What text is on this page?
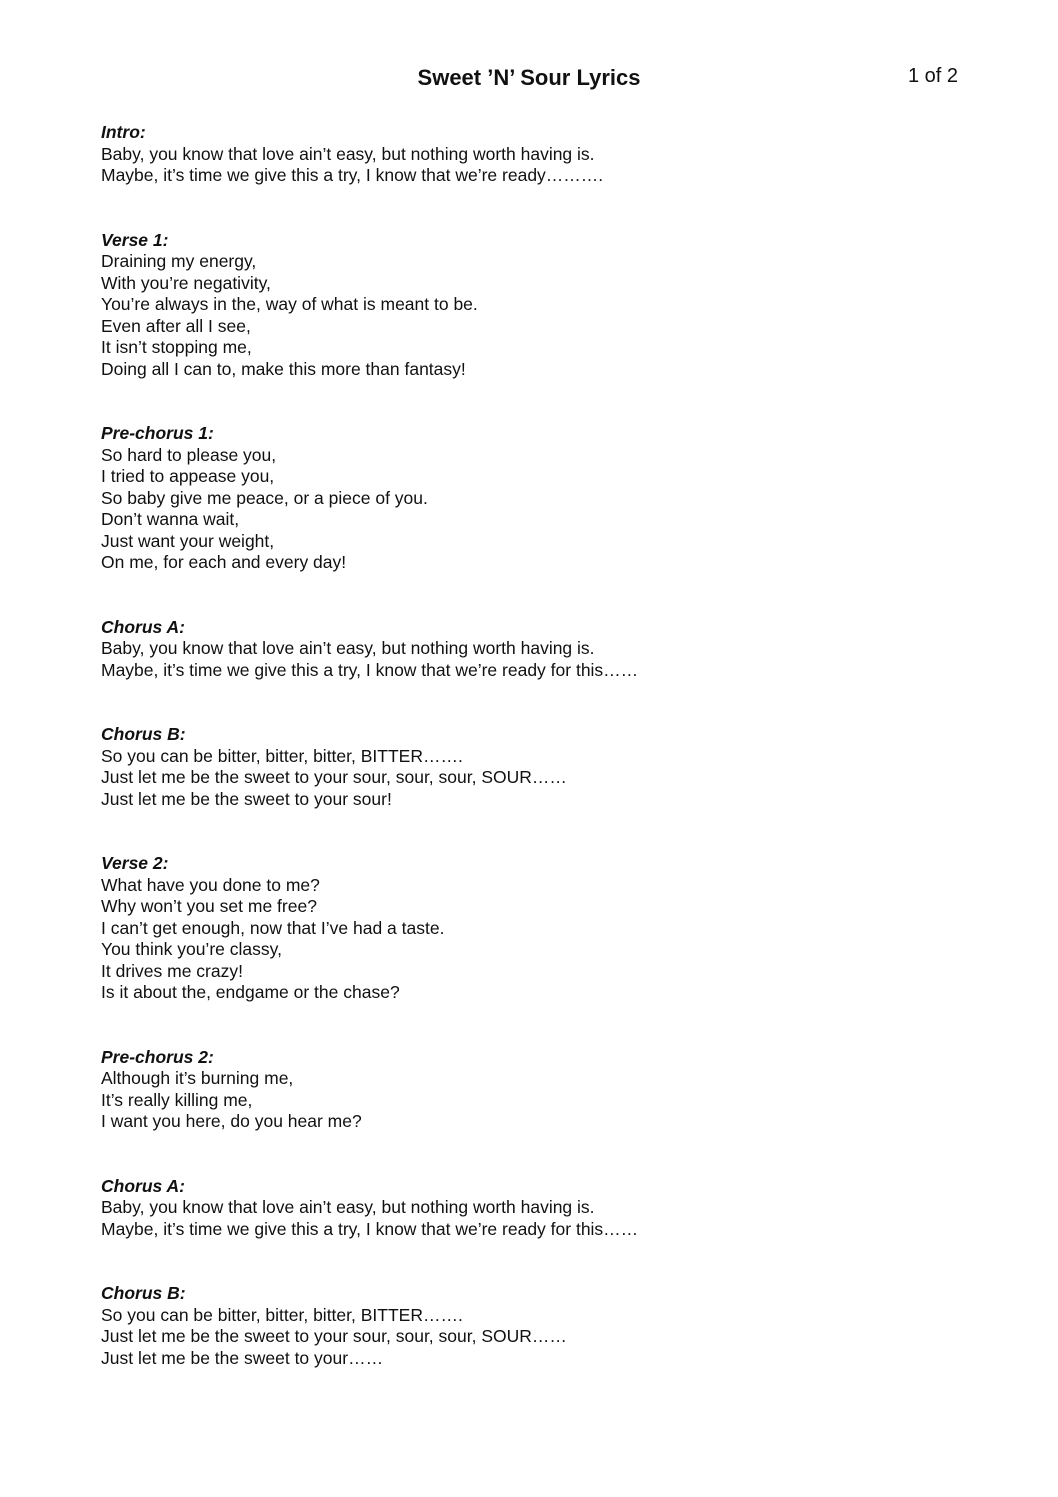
Sweet ’N’ Sour Lyrics	1 of 2
Intro:
Baby, you know that love ain’t easy, but nothing worth having is.
Maybe, it’s time we give this a try, I know that we’re ready……….
Verse 1:
Draining my energy,
With you’re negativity,
You’re always in the, way of what is meant to be.
Even after all I see,
It isn’t stopping me,
Doing all I can to, make this more than fantasy!
Pre-chorus 1:
So hard to please you,
I tried to appease you,
So baby give me peace, or a piece of you.
Don’t wanna wait,
Just want your weight,
On me, for each and every day!
Chorus A:
Baby, you know that love ain’t easy, but nothing worth having is.
Maybe, it’s time we give this a try, I know that we’re ready for this……
Chorus B:
So you can be bitter, bitter, bitter, BITTER…….
Just let me be the sweet to your sour, sour, sour, SOUR……
Just let me be the sweet to your sour!
Verse 2:
What have you done to me?
Why won’t you set me free?
I can’t get enough, now that I’ve had a taste.
You think you’re classy,
It drives me crazy!
Is it about the, endgame or the chase?
Pre-chorus 2:
Although it’s burning me,
It’s really killing me,
I want you here, do you hear me?
Chorus A:
Baby, you know that love ain’t easy, but nothing worth having is.
Maybe, it’s time we give this a try, I know that we’re ready for this……
Chorus B:
So you can be bitter, bitter, bitter, BITTER…….
Just let me be the sweet to your sour, sour, sour, SOUR……
Just let me be the sweet to your……
